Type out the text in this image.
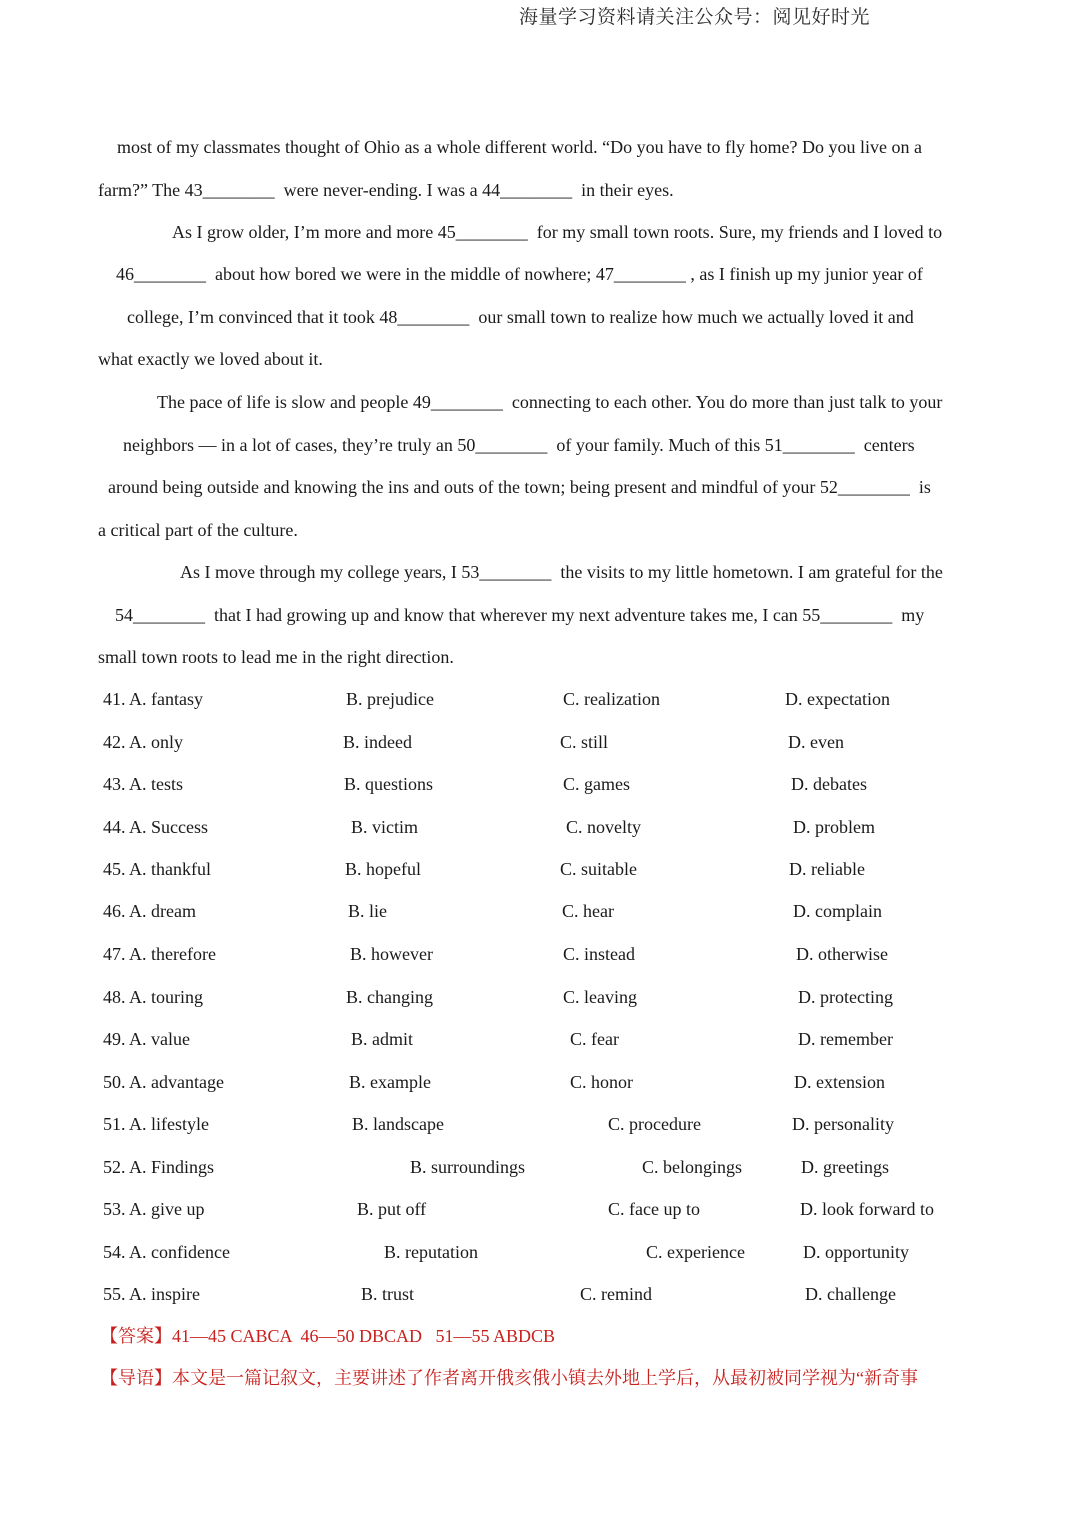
海量学习资料请关注公众号：阅见好时光
most of my classmates thought of Ohio as a whole different world. “Do you have to fly home? Do you live on a
farm?” The 43________  were never-ending. I was a 44________  in their eyes.
As I grow older, I’m more and more 45________  for my small town roots. Sure, my friends and I loved to
46________  about how bored we were in the middle of nowhere; 47________ , as I finish up my junior year of
college, I’m convinced that it took 48________  our small town to realize how much we actually loved it and
what exactly we loved about it.
The pace of life is slow and people 49________  connecting to each other. You do more than just talk to your
neighbors — in a lot of cases, they’re truly an 50________  of your family. Much of this 51________  centers
around being outside and knowing the ins and outs of the town; being present and mindful of your 52________  is
a critical part of the culture.
As I move through my college years, I 53________  the visits to my little hometown. I am grateful for the
54________  that I had growing up and know that wherever my next adventure takes me, I can 55________  my
small town roots to lead me in the right direction.
41. A. fantasy	B. prejudice	C. realization	D. expectation
42. A. only	B. indeed	C. still	D. even
43. A. tests	B. questions	C. games	D. debates
44. A. Success	B. victim	C. novelty	D. problem
45. A. thankful	B. hopeful	C. suitable	D. reliable
46. A. dream	B. lie	C. hear	D. complain
47. A. therefore	B. however	C. instead	D. otherwise
48. A. touring	B. changing	C. leaving	D. protecting
49. A. value	B. admit	C. fear	D. remember
50. A. advantage	B. example	C. honor	D. extension
51. A. lifestyle	B. landscape	C. procedure	D. personality
52. A. Findings	B. surroundings	C. belongings	D. greetings
53. A. give up	B. put off	C. face up to	D. look forward to
54. A. confidence	B. reputation	C. experience	D. opportunity
55. A. inspire	B. trust	C. remind	D. challenge
【答案】41—45 CABCA  46—50 DBCAD   51—55 ABDCB
【导语】本文是一篇记叙文，主要讲述了作者离开俄亥俄小镇去外地上学后，从最初被同学视为“新奇事
